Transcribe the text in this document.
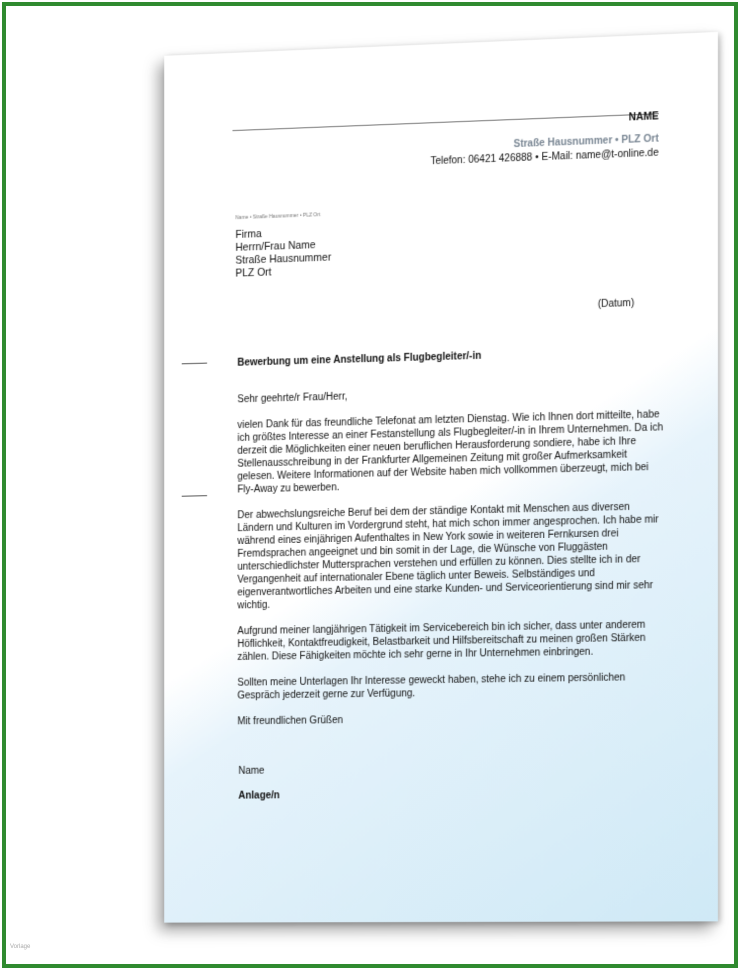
NAME
Straße Hausnummer • PLZ Ort
Telefon: 06421 426888 • E-Mail: name@t-online.de
Name • Straße Hausnummer • PLZ Ort
Firma
Herrn/Frau Name
Straße Hausnummer
PLZ Ort
(Datum)
Bewerbung um eine Anstellung als Flugbegleiter/-in

Sehr geehrte/r Frau/Herr,

vielen Dank für das freundliche Telefonat am letzten Dienstag. Wie ich Ihnen dort mitteilte, habe ich größtes Interesse an einer Festanstellung als Flugbegleiter/-in in Ihrem Unternehmen. Da ich derzeit die Möglichkeiten einer neuen beruflichen Herausforderung sondiere, habe ich Ihre Stellenausschreibung in der Frankfurter Allgemeinen Zeitung mit großer Aufmerksamkeit gelesen. Weitere Informationen auf der Website haben mich vollkommen überzeugt, mich bei Fly-Away zu bewerben.

Der abwechslungsreiche Beruf bei dem der ständige Kontakt mit Menschen aus diversen Ländern und Kulturen im Vordergrund steht, hat mich schon immer angesprochen. Ich habe mir während eines einjährigen Aufenthaltes in New York sowie in weiteren Fernkursen drei Fremdsprachen angeeignet und bin somit in der Lage, die Wünsche von Fluggästen unterschiedlichster Muttersprachen verstehen und erfüllen zu können. Dies stellte ich in der Vergangenheit auf internationaler Ebene täglich unter Beweis. Selbständiges und eigenverantwortliches Arbeiten und eine starke Kunden- und Serviceorientierung sind mir sehr wichtig.

Aufgrund meiner langjährigen Tätigkeit im Servicebereich bin ich sicher, dass unter anderem Höflichkeit, Kontaktfreudigkeit, Belastbarkeit und Hilfsbereitschaft zu meinen großen Stärken zählen. Diese Fähigkeiten möchte ich sehr gerne in Ihr Unternehmen einbringen.

Sollten meine Unterlagen Ihr Interesse geweckt haben, stehe ich zu einem persönlichen Gespräch jederzeit gerne zur Verfügung.

Mit freundlichen Grüßen

Name
Anlage/n
Vorlage
